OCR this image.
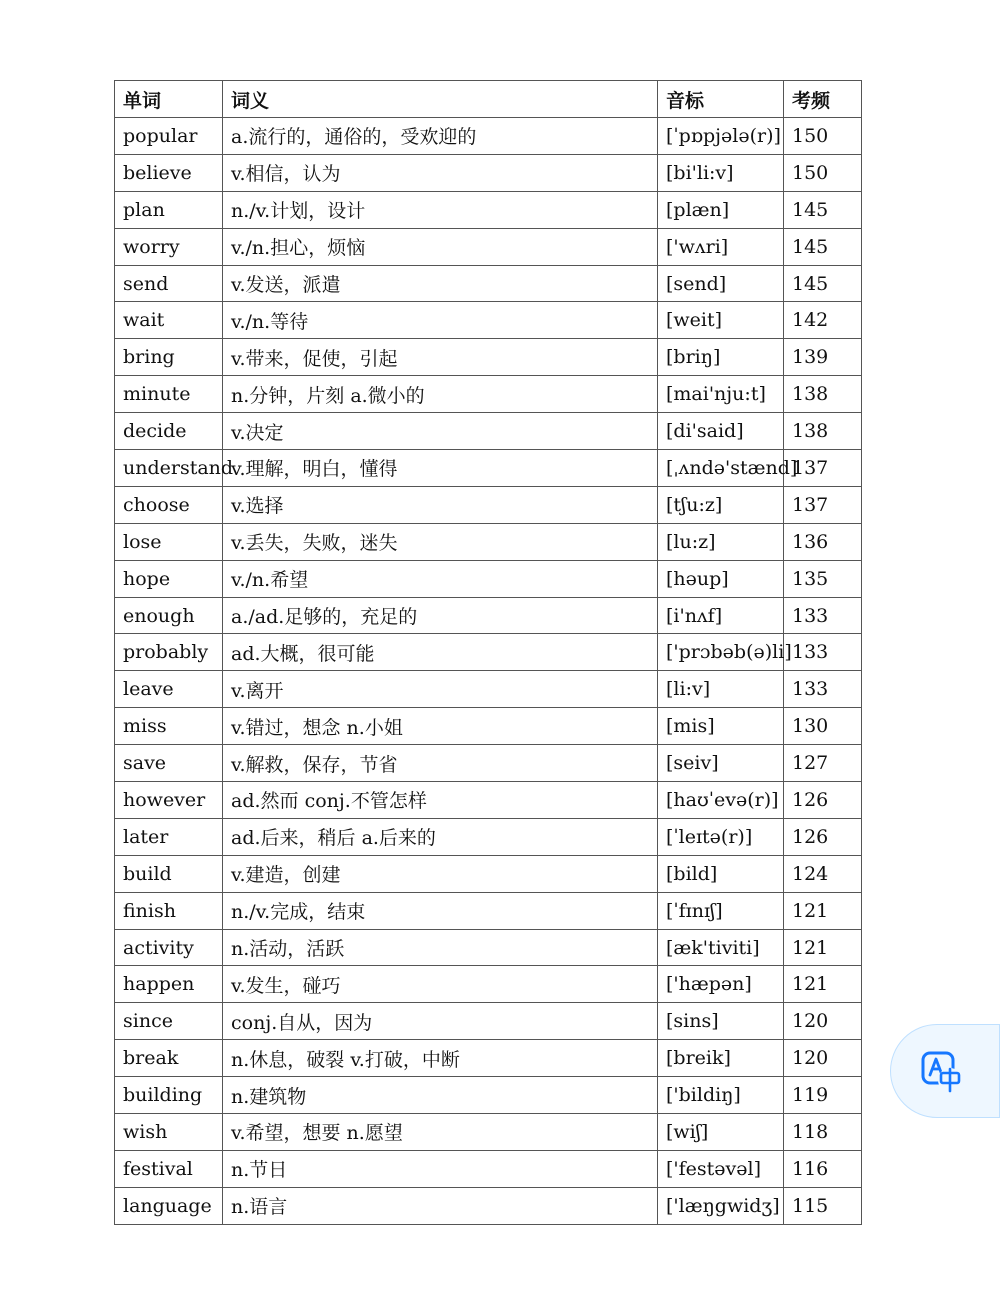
单词	词义	音标	考频
popular	a.流行的，通俗的，受欢迎的	[ˈpɒpjələ(r)]	150
believe	v.相信，认为	[bi'li:v]	150
plan	n./v.计划，设计	[plæn]	145
worry	v./n.担心，烦恼	['wʌri]	145
send	v.发送，派遣	[send]	145
wait	v./n.等待	[weit]	142
bring	v.带来，促使，引起	[briŋ]	139
minute	n.分钟，片刻 a.微小的	[mai'nju:t]	138
decide	v.决定	[di'said]	138
understand	v.理解，明白，懂得	[ˌʌndə'stænd]	137
choose	v.选择	[tʃu:z]	137
lose	v.丢失，失败，迷失	[lu:z]	136
hope	v./n.希望	[həup]	135
enough	a./ad.足够的，充足的	[i'nʌf]	133
probably	ad.大概，很可能	['prɔbəb(ə)li]	133
leave	v.离开	[li:v]	133
miss	v.错过，想念 n.小姐	[mis]	130
save	v.解救，保存，节省	[seiv]	127
however	ad.然而 conj.不管怎样	[haʊˈevə(r)]	126
later	ad.后来，稍后 a.后来的	[ˈleɪtə(r)]	126
build	v.建造，创建	[bild]	124
finish	n./v.完成，结束	[ˈfɪnɪʃ]	121
activity	n.活动，活跃	[æk'tiviti]	121
happen	v.发生，碰巧	['hæpən]	121
since	conj.自从，因为	[sins]	120
break	n.休息，破裂 v.打破，中断	[breik]	120
building	n.建筑物	['bildiŋ]	119
wish	v.希望，想要 n.愿望	[wiʃ]	118
festival	n.节日	['festəvəl]	116
language	n.语言	['læŋgwidʒ]	115
